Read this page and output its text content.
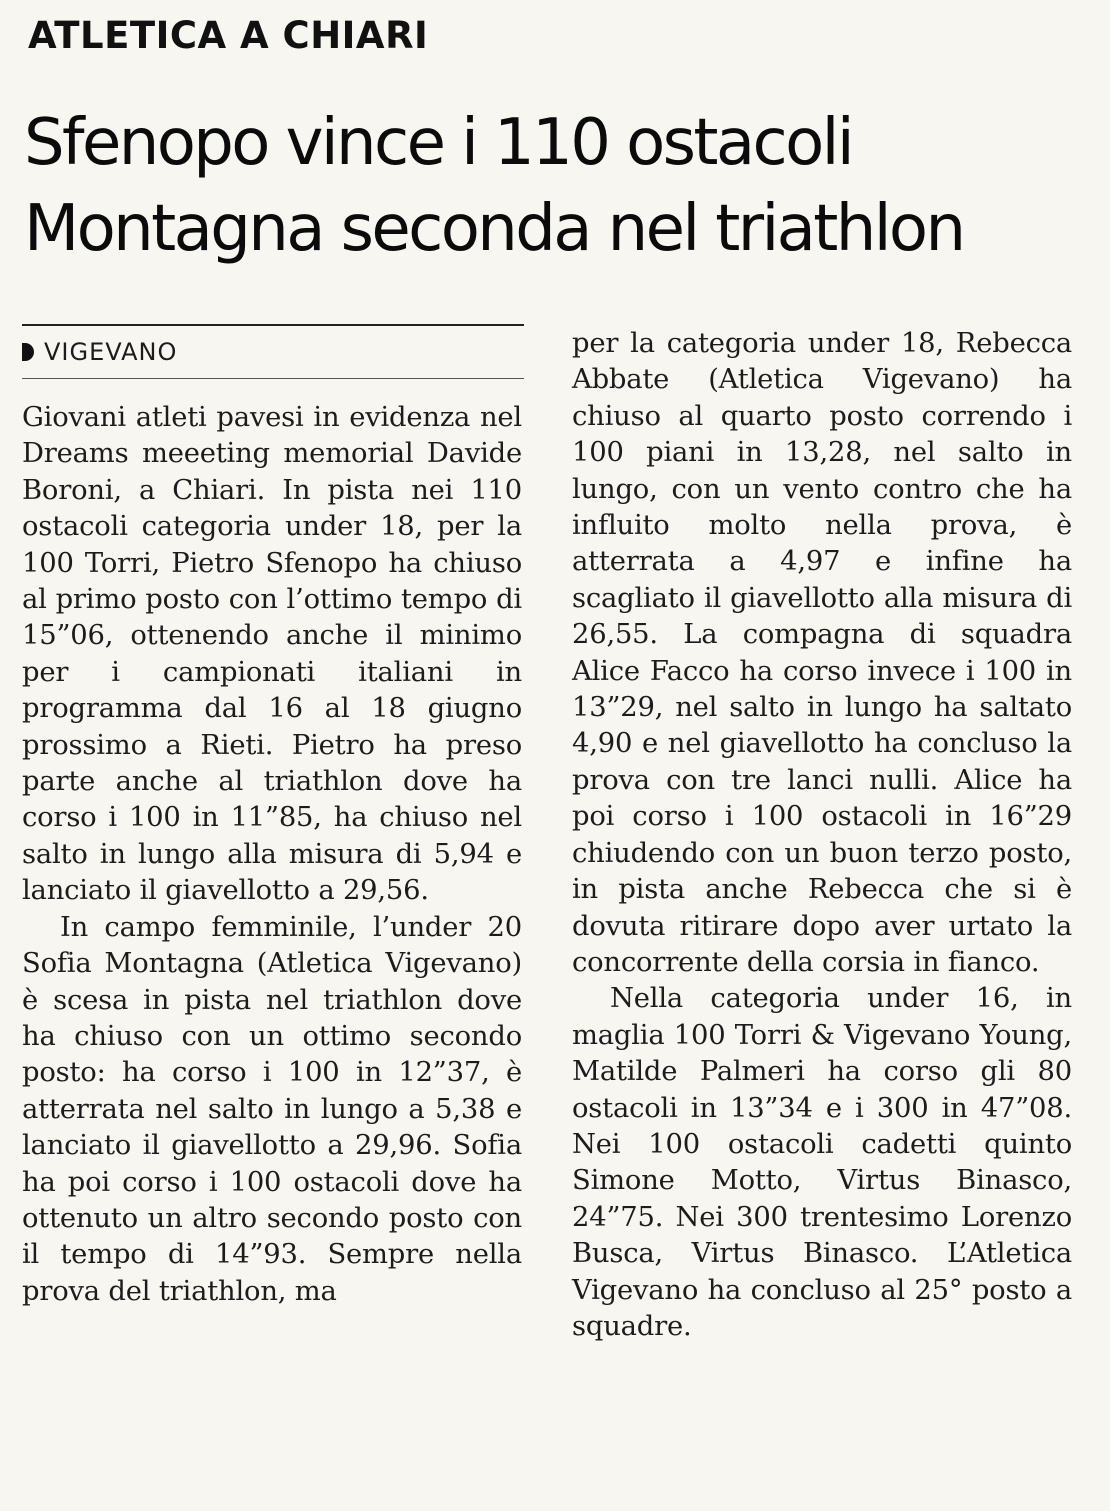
ATLETICA A CHIARI
Sfenopo vince i 110 ostacoli
Montagna seconda nel triathlon
VIGEVANO

Giovani atleti pavesi in evidenza nel Dreams meeeting memorial Davide Boroni, a Chiari. In pista nei 110 ostacoli categoria under 18, per la 100 Torri, Pietro Sfenopo ha chiuso al primo posto con l’ottimo tempo di 15”06, ottenendo anche il minimo per i campionati italiani in programma dal 16 al 18 giugno prossimo a Rieti. Pietro ha preso parte anche al triathlon dove ha corso i 100 in 11”85, ha chiuso nel salto in lungo alla misura di 5,94 e lanciato il giavellotto a 29,56.

In campo femminile, l’under 20 Sofia Montagna (Atletica Vigevano) è scesa in pista nel triathlon dove ha chiuso con un ottimo secondo posto: ha corso i 100 in 12”37, è atterrata nel salto in lungo a 5,38 e lanciato il giavellotto a 29,96. Sofia ha poi corso i 100 ostacoli dove ha ottenuto un altro secondo posto con il tempo di 14”93. Sempre nella prova del triathlon, ma

per la categoria under 18, Rebecca Abbate (Atletica Vigevano) ha chiuso al quarto posto correndo i 100 piani in 13,28, nel salto in lungo, con un vento contro che ha influito molto nella prova, è atterrata a 4,97 e infine ha scagliato il giavellotto alla misura di 26,55. La compagna di squadra Alice Facco ha corso invece i 100 in 13”29, nel salto in lungo ha saltato 4,90 e nel giavellotto ha concluso la prova con tre lanci nulli. Alice ha poi corso i 100 ostacoli in 16”29 chiudendo con un buon terzo posto, in pista anche Rebecca che si è dovuta ritirare dopo aver urtato la concorrente della corsia in fianco.

Nella categoria under 16, in maglia 100 Torri & Vigevano Young, Matilde Palmeri ha corso gli 80 ostacoli in 13”34 e i 300 in 47”08. Nei 100 ostacoli cadetti quinto Simone Motto, Virtus Binasco, 24”75. Nei 300 trentesimo Lorenzo Busca, Virtus Binasco. L’Atletica Vigevano ha concluso al 25° posto a squadre.
